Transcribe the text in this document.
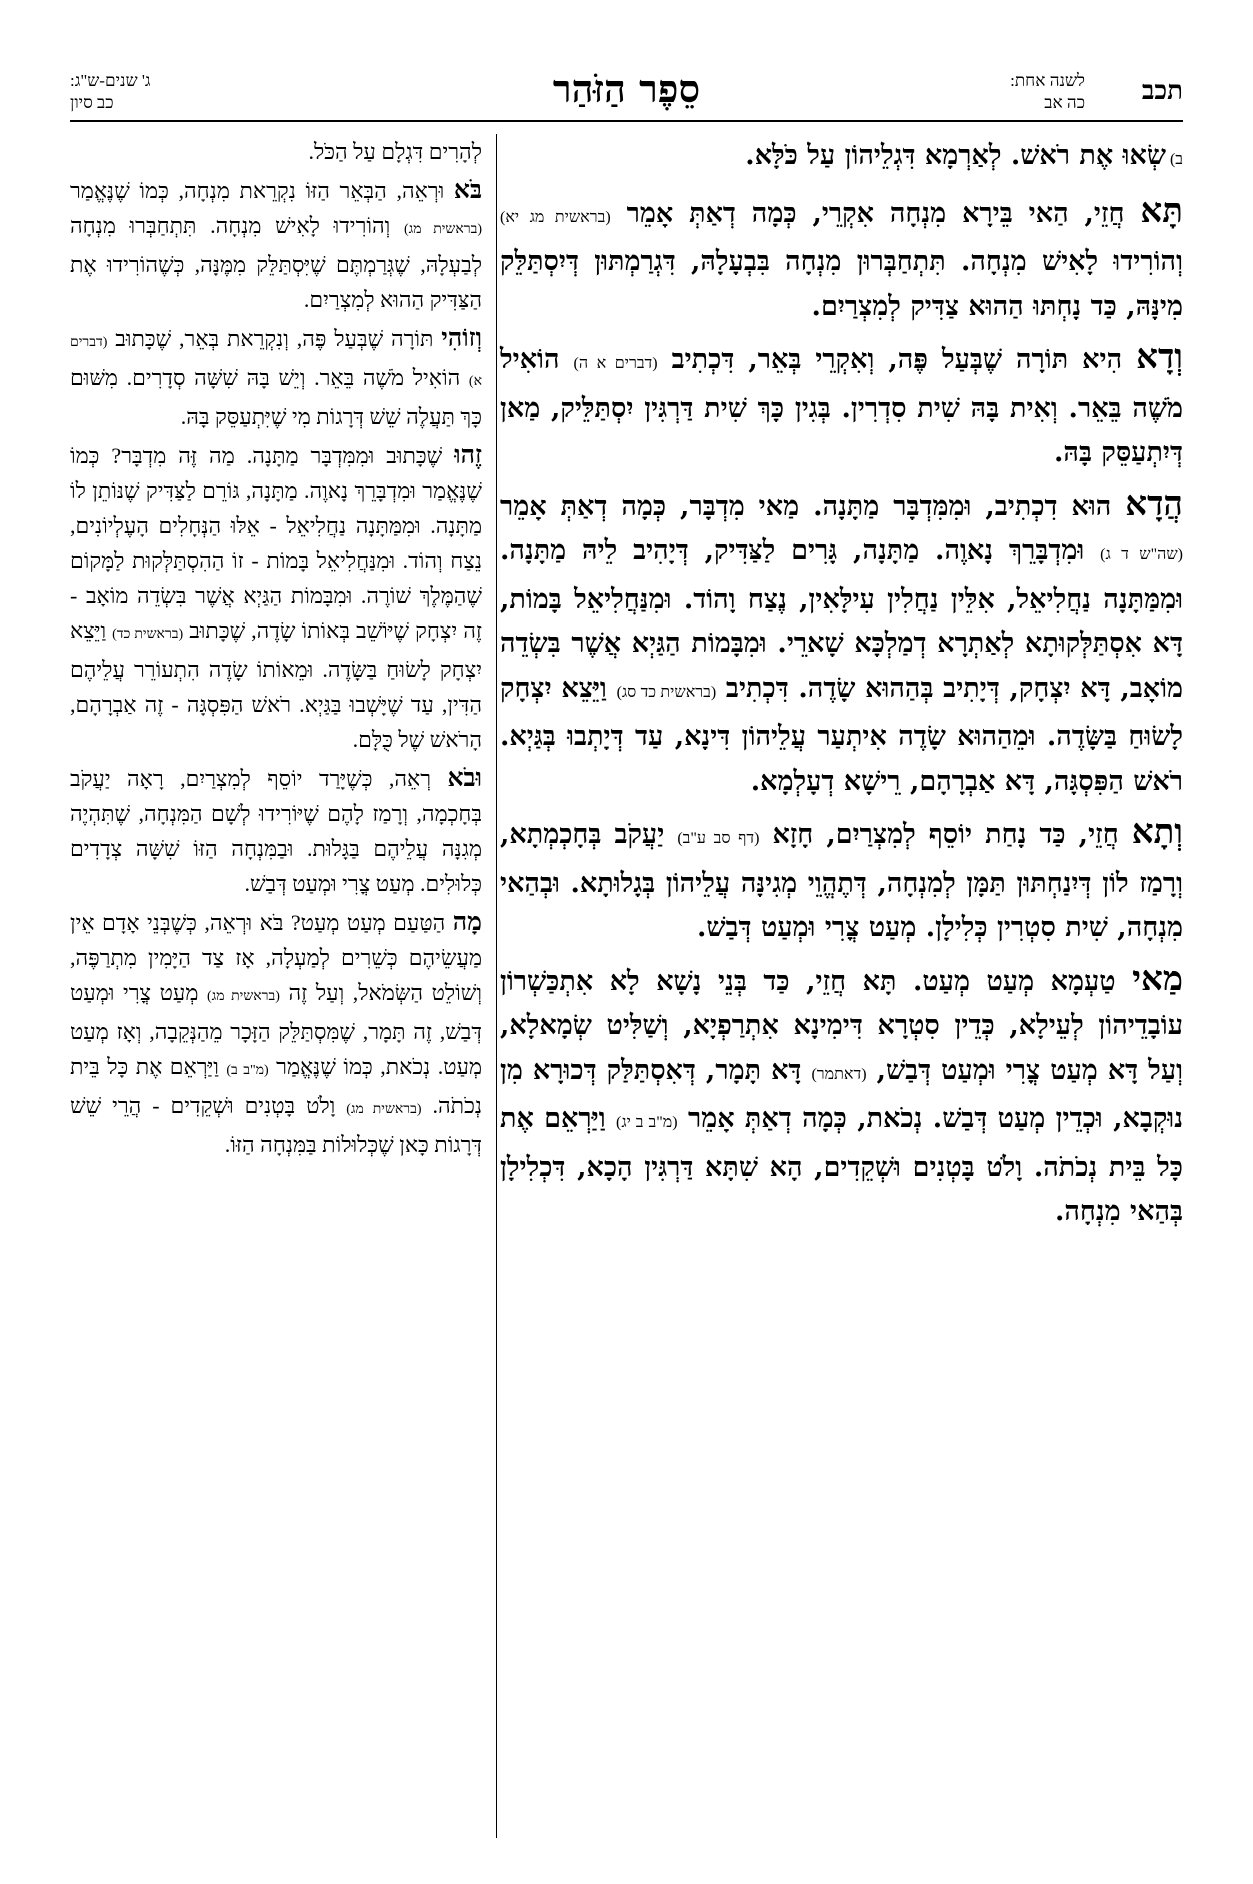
תכב
לשנה אחת:
כה אב
סֵפֶר הַזֹּהַר
ג' שנים-ש"ג:
כב סיון

ב) שְׂאוּ אֶת רֹאשׁ. לְאַרְמָא דִּגְלֵיהוֹן עַל כֹּלָּא.

תָּא חֲזֵי, הַאי בֵּירָא מִנְחָה אִקְרֵי, כְּמָה דְאַתְּ אָמֵר (בראשית מג יא) וְהוֹרִידוּ לָאִישׁ מִנְחָה. תִּתְחַבְּרוּן מִנְחָה בִּבְעָלָהּ, דִּגְרַמְתּוּן דְּיִסְתַּלֵּק מִינָּהּ, כַּד נָחְתּוּ הַהוּא צַדִּיק לְמִצְרַיִם.

וְדָא הִיא תּוֹרָה שֶׁבְּעַל פֶּה, וְאִקְרֵי בְּאֵר, דִּכְתִיב (דברים א ה) הוֹאִיל מֹשֶׁה בֵּאֵר. וְאִית בָּהּ שִׁית סִדְרִין. בְּגִין כָּךְ שִׁית דַּרְגִּין יִסְתַּלֵּיק, מַאן דְּיִתְעַסֵּק בָּהּ.

הֲדָא הוּא דִכְתִיב, וּמִמִּדְבָּר מַתָּנָה. מַאי מִדְבָּר, כְּמָה דְאַתְּ אָמֵר (שה"ש ד ג) וּמִדְבָּרֵךְ נָאוֶה. מַתָּנָה, גָּרִים לַצַּדִּיק, דְּיָהִיב לֵיהּ מַתָּנָה. וּמִמַּתָּנָה נַחֲלִיאֵל, אִלֵּין נַחֲלִין עִילָּאִין, נֶצַח וָהוֹד. וּמִנַּחֲלִיאֵל בָּמוֹת, דָּא אִסְתַּלְּקוּתָא לְאַתְרָא דְמַלְכָּא שָׁארֵי. וּמִבָּמוֹת הַגַּיְא אֲשֶׁר בִּשְׂדֵה מוֹאָב, דָּא יִצְחָק, דְּיָתִיב בְּהַהוּא שָׂדֶה. דִּכְתִיב (בראשית כד סג) וַיֵּצֵא יִצְחָק לָשׂוּחַ בַּשָּׂדֶה. וּמֵהַהוּא שָׂדֶה אִיתְעַר עֲלֵיהוֹן דִּינָא, עַד דְּיָתְבוּ בְּגַּיְא. רֹאשׁ הַפִּסְגָּה, דָּא אַבְרָהָם, רֵישָׁא דְעָלְמָא.

וְתָא חֲזֵי, כַּד נָחַת יוֹסֵף לְמִצְרַיִם, חָזָא (דף סב ע"ב) יַעֲקֹב בְּחָכְמְתָא, וְרָמַז לוֹן דְּיִנַחְתּוּן תַּמָּן לְמִנְחָה, דְּתֶהֱוֵי מְגִינָּה עֲלֵיהוֹן בְּגָלוּתָא. וּבְהַאי מִנְחָה, שִׁית סִטְרִין כְּלִילָן. מְעַט צֳרִי וּמְעַט דְּבַשׁ.

מַאי טַעְמָא מְעַט מְעַט. תָּא חֲזֵי, כַּד בְּנֵי נָשָׁא לָא אִתְכַּשְׁרוֹן עוֹבָדֵיהוֹן לְעֵילָא, כְּדֵין סִטְרָא דִּימִינָא אִתְרַפְיָא, וְשַׁלִּיט שְׂמָאלָא, וְעַל דָּא מְעַט צֳרִי וּמְעַט דְּבַשׁ, (דאתמר) דָּא תָּמָר, דְּאִסְתַּלַּק דְּכוּרָא מִן נוּקְבָא, וּכְדֵין מְעַט דְּבַשׁ. נְכֹאת, כְּמָה דְאַתְּ אָמֵר (מ"ב ב יג) וַיַּרְאֵם אֶת כָּל בֵּית נְכֹתֹה. וָלֹט בָּטְנִים וּשְׁקֵדִים, הָא שִׁתָּא דַּרְגִּין הָכָא, דִּכְלִילָן בְּהַאי מִנְחָה.

לְהָרִים דִּגְלָם עַל הַכֹּל.

בֹּא וּרְאֵה, הַבְּאֵר הַזּוֹ נִקְרֵאת מִנְחָה, כְּמוֹ שֶׁנֶּאֱמַר (בראשית מג) וְהוֹרִידוּ לָאִישׁ מִנְחָה. תִּתְחַבְּרוּ מִנְחָה לְבַעְלָהּ, שֶׁגְּרַמְתֶּם שֶׁיִּסְתַּלֵּק מִמֶּנָּה, כְּשֶׁהוֹרִידוּ אֶת הַצַּדִּיק הַהוּא לְמִצְרַיִם.

וְזוֹהִי תּוֹרָה שֶׁבְּעַל פֶּה, וְנִקְרֵאת בְּאֵר, שֶׁכָּתוּב (דברים א) הוֹאִיל מֹשֶׁה בֵּאֵר. וְיֵשׁ בָּהּ שִׁשָּׁה סְדָרִים. מִשּׁוּם כָּךְ תַּעֲלֶה שֵׁשׁ דְּרָגוֹת מִי שֶׁיִּתְעַסֵּק בָּהּ.

זֶהוּ שֶׁכָּתוּב וּמִמִּדְבָּר מַתָּנָה. מַה זֶּה מִדְבָּר? כְּמוֹ שֶׁנֶּאֱמַר וּמִדְבָּרֵךְ נָאוֶה. מַתָּנָה, גּוֹרֵם לַצַּדִּיק שֶׁנּוֹתֵן לוֹ מַתָּנָה. וּמִמַּתָּנָה נַחֲלִיאֵל - אֵלּוּ הַנְּחָלִים הָעֶלְיוֹנִים, נֵצַח וְהוֹד. וּמִנַּחֲלִיאֵל בָּמוֹת - זוֹ הַהִסְתַּלְּקוּת לַמָּקוֹם שֶׁהַמֶּלֶךְ שׁוֹרֶה. וּמִבָּמוֹת הַגַּיְא אֲשֶׁר בִּשְׂדֵה מוֹאָב - זֶה יִצְחָק שֶׁיּוֹשֵׁב בְּאוֹתוֹ שָׂדֶה, שֶׁכָּתוּב (בראשית כד) וַיֵּצֵא יִצְחָק לָשׂוּחַ בַּשָּׂדֶה. וּמֵאוֹתוֹ שָׂדֶה הִתְעוֹרֵר עֲלֵיהֶם הַדִּין, עַד שֶׁיָּשְׁבוּ בַּגַּיְא. רֹאשׁ הַפִּסְגָּה - זֶה אַבְרָהָם, הָרֹאשׁ שֶׁל כֻּלָּם.

וּבֹא רְאֵה, כְּשֶׁיָּרַד יוֹסֵף לְמִצְרַיִם, רָאָה יַעֲקֹב בְּחָכְמָה, וְרָמַז לָהֶם שֶׁיּוֹרִידוּ לְשָׁם הַמִּנְחָה, שֶׁתִּהְיֶה מְגִנָּה עֲלֵיהֶם בַּגָּלוּת. וּבַמִּנְחָה הַזּוֹ שִׁשָּׁה צְדָדִים כְּלוּלִים. מְעַט צֳרִי וּמְעַט דְּבַשׁ.

מָה הַטַּעַם מְעַט מְעַט? בֹּא וּרְאֵה, כְּשֶׁבְּנֵי אָדָם אֵין מַעֲשֵׂיהֶם כְּשֵׁרִים לְמַעְלָה, אָז צַד הַיָּמִין מִתְרַפֶּה, וְשׁוֹלֵט הַשְּׂמֹאל, וְעַל זֶה (בראשית מג) מְעַט צֳרִי וּמְעַט דְּבַשׁ, זֶה תָּמָר, שֶׁמִּסְתַּלֵּק הַזָּכָר מֵהַנְּקֵבָה, וְאָז מְעַט מְעַט. נְכֹאת, כְּמוֹ שֶׁנֶּאֱמַר (מ"ב ב) וַיַּרְאֵם אֶת כָּל בֵּית נְכֹתֹה. (בראשית מג) וָלֹט בָּטְנִים וּשְׁקֵדִים - הֲרֵי שֵׁשׁ דְּרָגוֹת כָּאן שֶׁכְּלוּלוֹת בַּמִּנְחָה הַזּוֹ.
